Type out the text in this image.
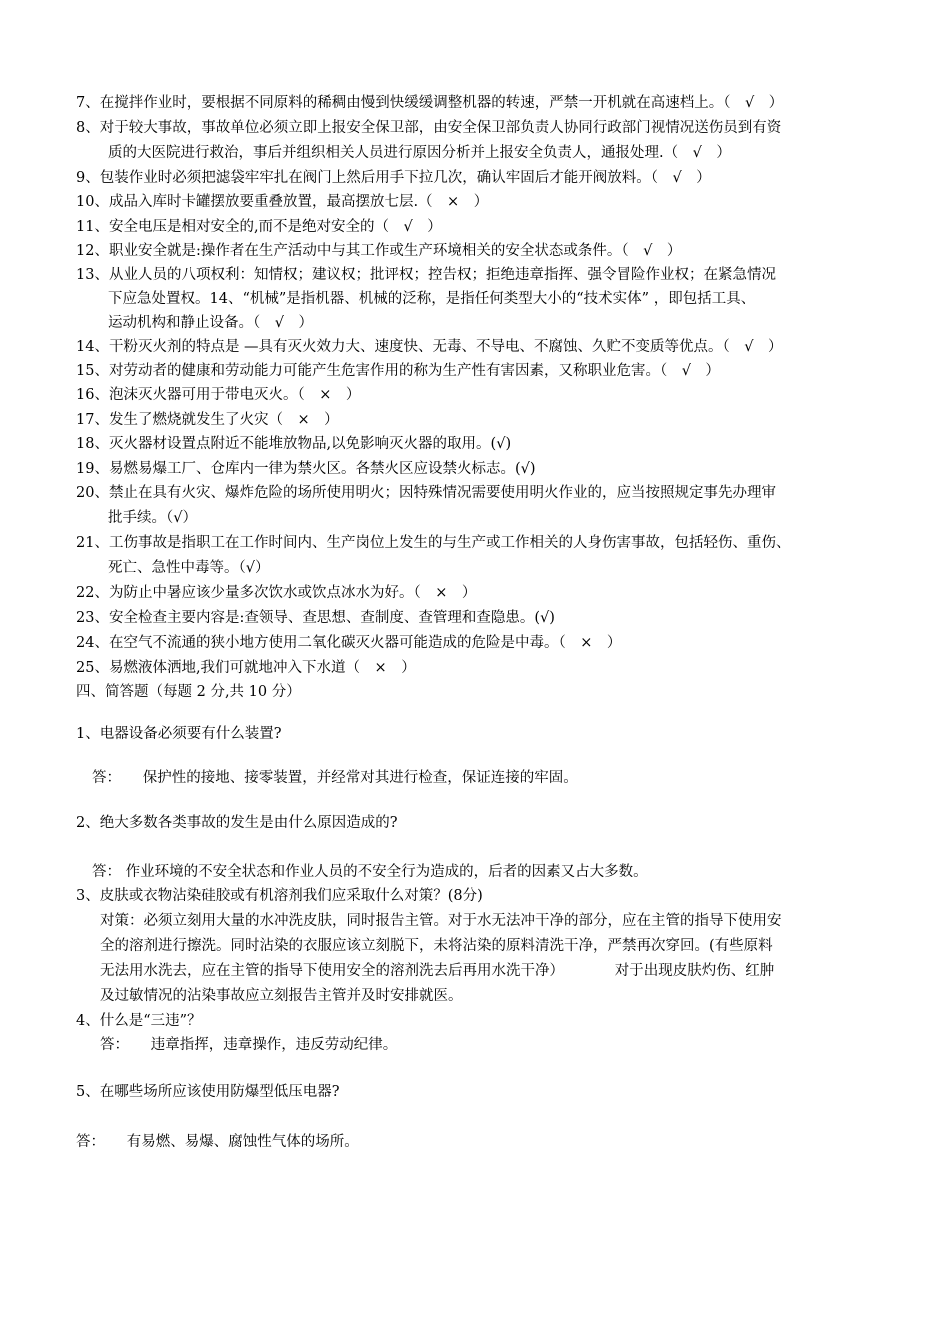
7、在搅拌作业时，要根据不同原料的稀稠由慢到快缓缓调整机器的转速，严禁一开机就在高速档上。（　√　）
8、对于较大事故，事故单位必须立即上报安全保卫部，由安全保卫部负责人协同行政部门视情况送伤员到有资
质的大医院进行救治，事后并组织相关人员进行原因分析并上报安全负责人，通报处理.（　√　）
9、包装作业时必须把滤袋牢牢扎在阀门上然后用手下拉几次，确认牢固后才能开阀放料。（　√　）
10、成品入库时卡罐摆放要重叠放置，最高摆放七层.（　×　）
11、安全电压是相对安全的,而不是绝对安全的（　√　）
12、职业安全就是:操作者在生产活动中与其工作或生产环境相关的安全状态或条件。（　√　）
13、从业人员的八项权利：知情权；建议权；批评权；控告权；拒绝违章指挥、强令冒险作业权；在紧急情况
下应急处置权。14、“机械”是指机器、机械的泛称，是指任何类型大小的“技术实体” ，即包括工具、
运动机构和静止设备。（　√　）
14、干粉灭火剂的特点是 —具有灭火效力大、速度快、无毒、不导电、不腐蚀、久贮不变质等优点。（　√　）
15、对劳动者的健康和劳动能力可能产生危害作用的称为生产性有害因素，又称职业危害。（　√　）
16、泡沫灭火器可用于带电灭火。（　×　）
17、发生了燃烧就发生了火灾（　×　）
18、灭火器材设置点附近不能堆放物品,以免影响灭火器的取用。(√)
19、易燃易爆工厂、仓库内一律为禁火区。各禁火区应设禁火标志。(√)
20、禁止在具有火灾、爆炸危险的场所使用明火；因特殊情况需要使用明火作业的，应当按照规定事先办理审
批手续。（√）
21、工伤事故是指职工在工作时间内、生产岗位上发生的与生产或工作相关的人身伤害事故，包括轻伤、重伤、
死亡、急性中毒等。（√）
22、为防止中暑应该少量多次饮水或饮点冰水为好。（　×　）
23、安全检查主要内容是:查领导、查思想、查制度、查管理和查隐患。(√)
24、在空气不流通的狭小地方使用二氧化碳灭火器可能造成的危险是中毒。（　×　）
25、易燃液体洒地,我们可就地冲入下水道（　×　）
四、简答题（每题 2 分,共 10 分）
1、电器设备必须要有什么装置?
答：　　保护性的接地、接零装置，并经常对其进行检查，保证连接的牢固。
2、绝大多数各类事故的发生是由什么原因造成的?
答： 作业环境的不安全状态和作业人员的不安全行为造成的，后者的因素又占大多数。
3、皮肤或衣物沾染硅胶或有机溶剂我们应采取什么对策？(8分)
对策：必须立刻用大量的水冲洗皮肤，同时报告主管。对于水无法冲干净的部分，应在主管的指导下使用安
全的溶剂进行擦洗。同时沾染的衣服应该立刻脱下，未将沾染的原料清洗干净，严禁再次穿回。(有些原料
无法用水洗去，应在主管的指导下使用安全的溶剂洗去后再用水洗干净）　　　　对于出现皮肤灼伤、红肿
及过敏情况的沾染事故应立刻报告主管并及时安排就医。
4、什么是“三违”？
答：　　违章指挥，违章操作，违反劳动纪律。
5、在哪些场所应该使用防爆型低压电器?
答：　　有易燃、易爆、腐蚀性气体的场所。
